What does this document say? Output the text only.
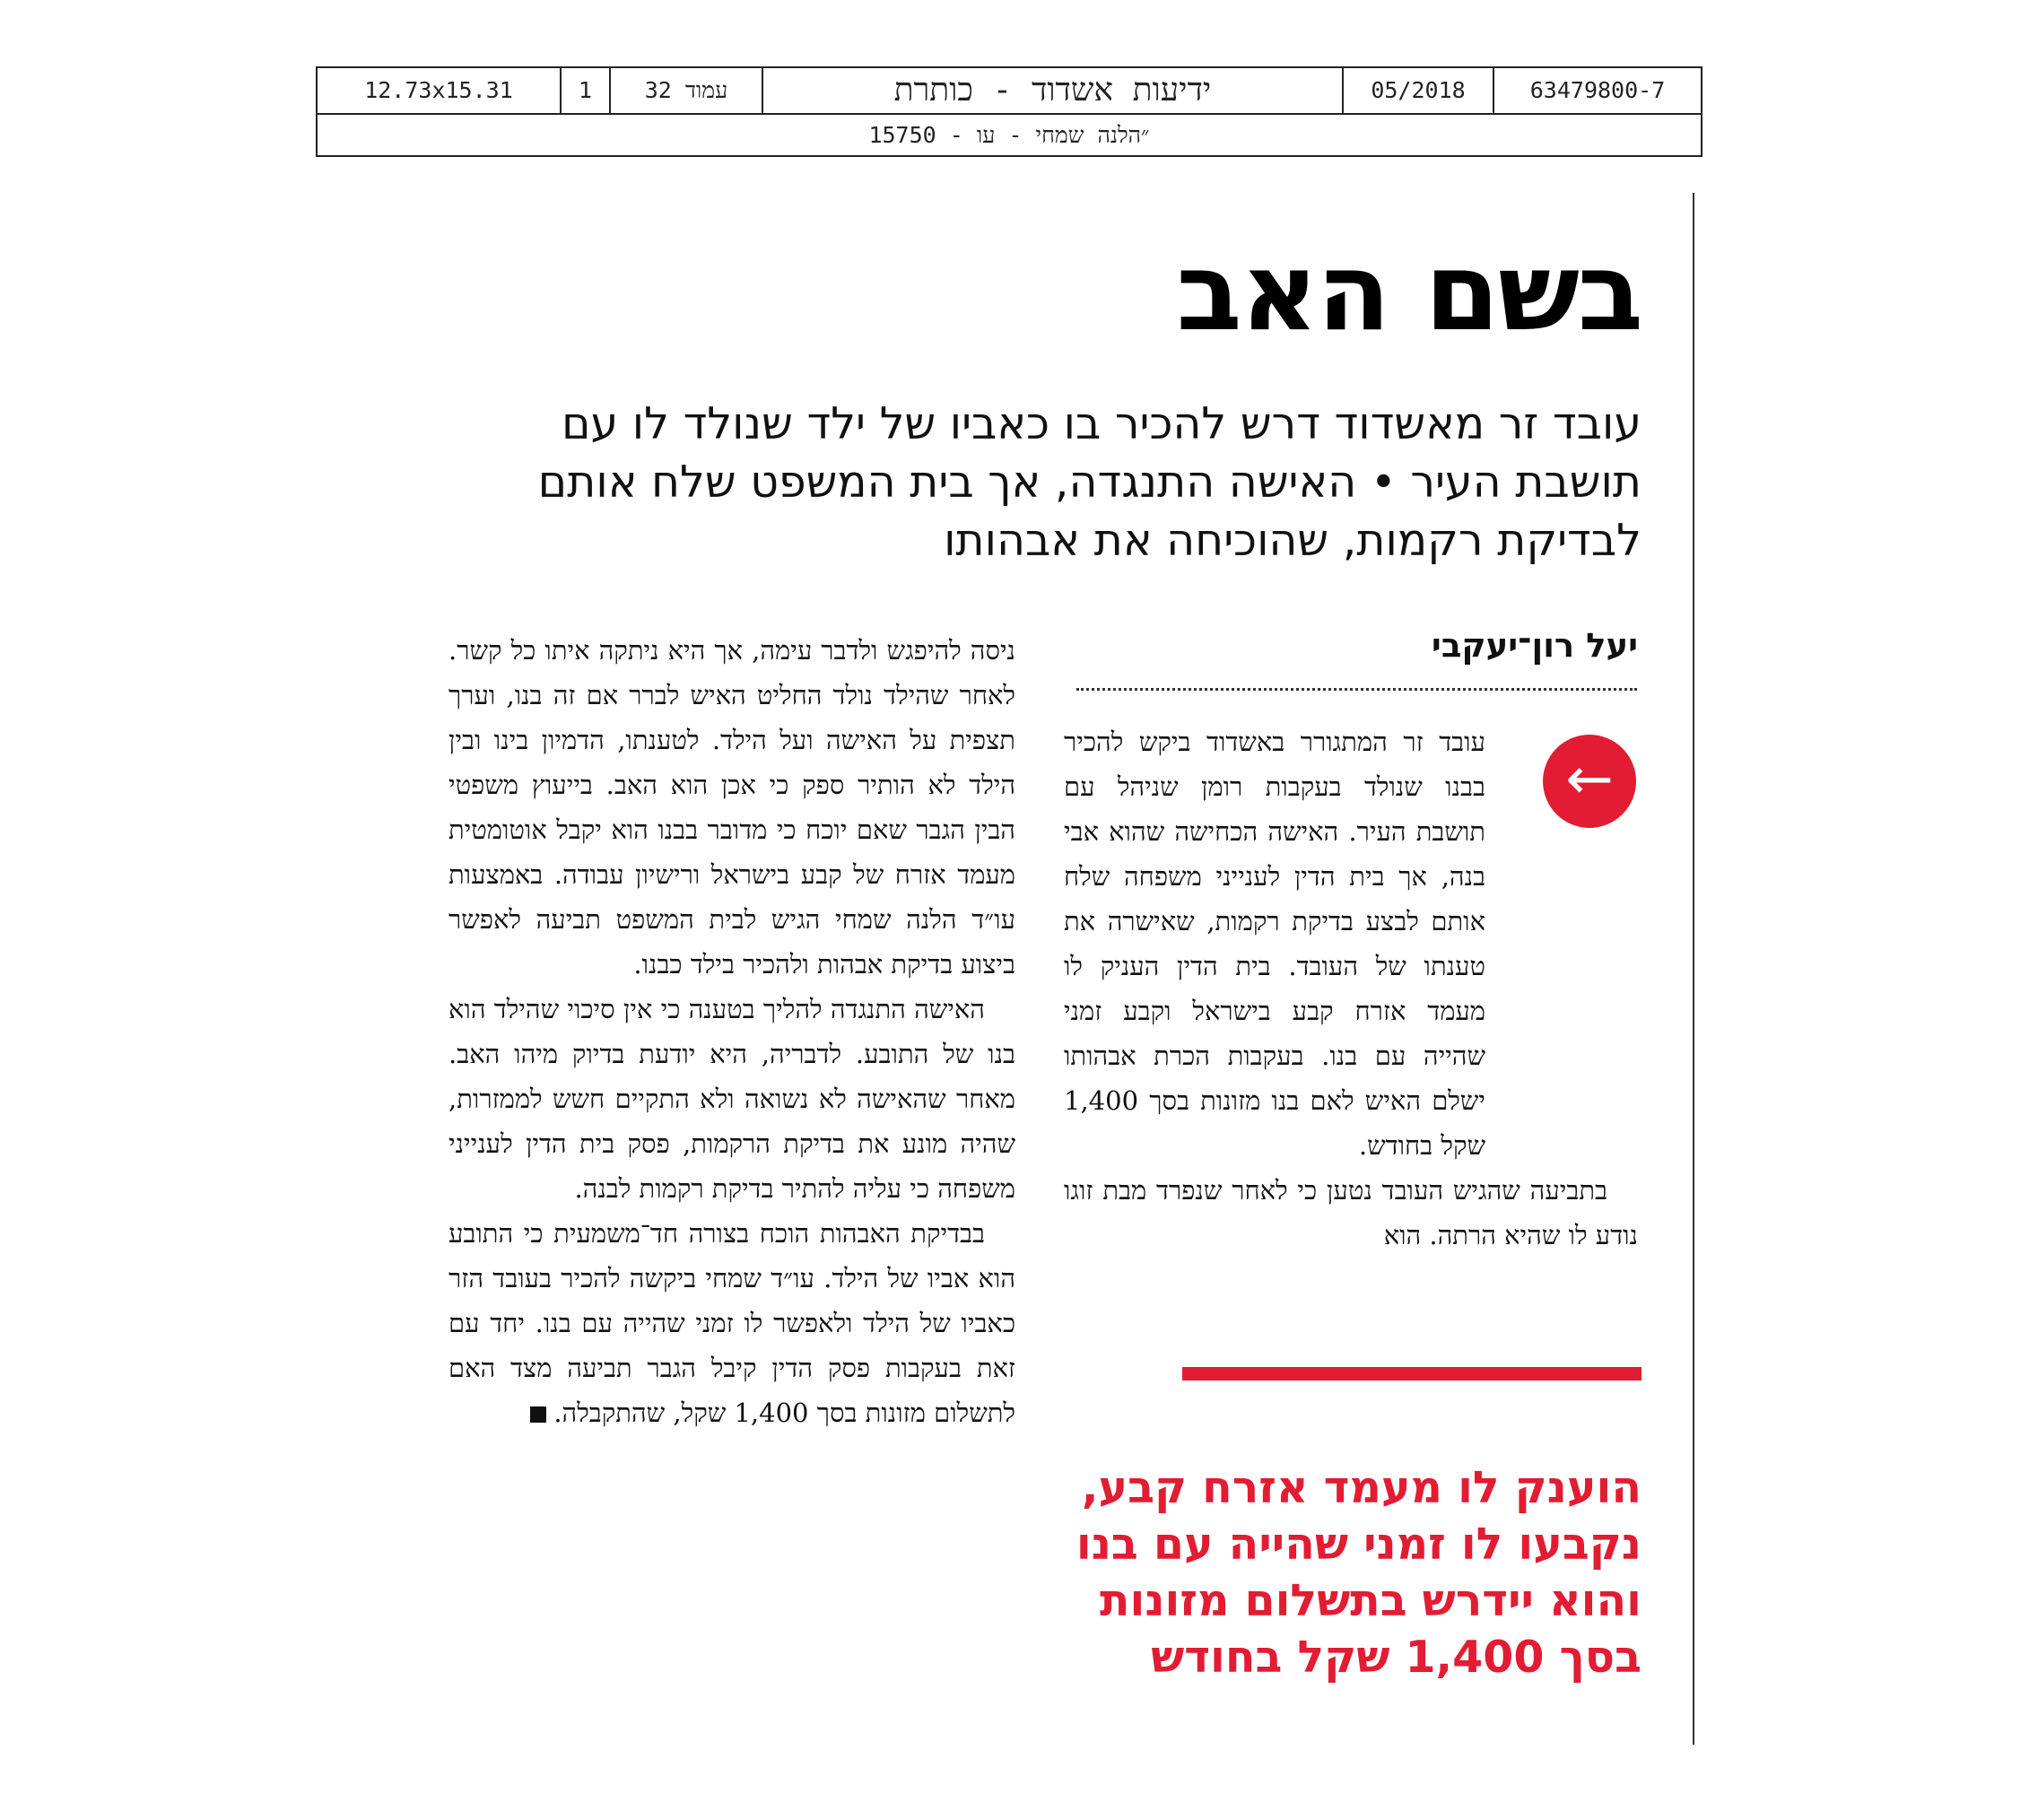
12.73x15.31	1	עמוד 32	ידיעות אשדוד - כותרת	05/2018	63479800-7
״הלנה שמחי - עו - 15750
בשם האב
עובד זר מאשדוד דרש להכיר בו כאביו של ילד שנולד לו עם תושבת העיר • האישה התנגדה, אך בית המשפט שלח אותם לבדיקת רקמות, שהוכיחה את אבהותו
יעל רון־יעקבי
←

עובד זר המתגורר באשדוד ביקש להכיר בבנו שנולד בעקבות רומן שניהל עם תושבת העיר. האישה הכחישה שהוא אבי בנה, אך בית הדין לענייני משפחה שלח אותם לבצע בדיקת רקמות, שאישרה את טענתו של העובד. בית הדין העניק לו מעמד אזרח קבע בישראל וקבע זמני שהייה עם בנו. בעקבות הכרת אבהותו ישלם האיש לאם בנו מזונות בסך 1,400 שקל בחודש.

בתביעה שהגיש העובד נטען כי לאחר שנפרד מבת זוגו נודע לו שהיא הרתה. הוא

ניסה להיפגש ולדבר עימה, אך היא ניתקה איתו כל קשר. לאחר שהילד נולד החליט האיש לברר אם זה בנו, וערך תצפית על האישה ועל הילד. לטענתו, הדמיון בינו ובין הילד לא הותיר ספק כי אכן הוא האב. בייעוץ משפטי הבין הגבר שאם יוכח כי מדובר בבנו הוא יקבל אוטומטית מעמד אזרח של קבע בישראל ורישיון עבודה. באמצעות עו״ד הלנה שמחי הגיש לבית המשפט תביעה לאפשר ביצוע בדיקת אבהות ולהכיר בילד כבנו.

האישה התנגדה להליך בטענה כי אין סיכוי שהילד הוא בנו של התובע. לדבריה, היא יודעת בדיוק מיהו האב. מאחר שהאישה לא נשואה ולא התקיים חשש לממזרות, שהיה מונע את בדיקת הרקמות, פסק בית הדין לענייני משפחה כי עליה להתיר בדיקת רקמות לבנה.

בבדיקת האבהות הוכח בצורה חד־משמעית כי התובע הוא אביו של הילד. עו״ד שמחי ביקשה להכיר בעובד הזר כאביו של הילד ולאפשר לו זמני שהייה עם בנו. יחד עם זאת בעקבות פסק הדין קיבל הגבר תביעה מצד האם לתשלום מזונות בסך 1,400 שקל, שהתקבלה.

הוענק לו מעמד אזרח קבע, נקבעו לו זמני שהייה עם בנו והוא יידרש בתשלום מזונות בסך 1,400 שקל בחודש
